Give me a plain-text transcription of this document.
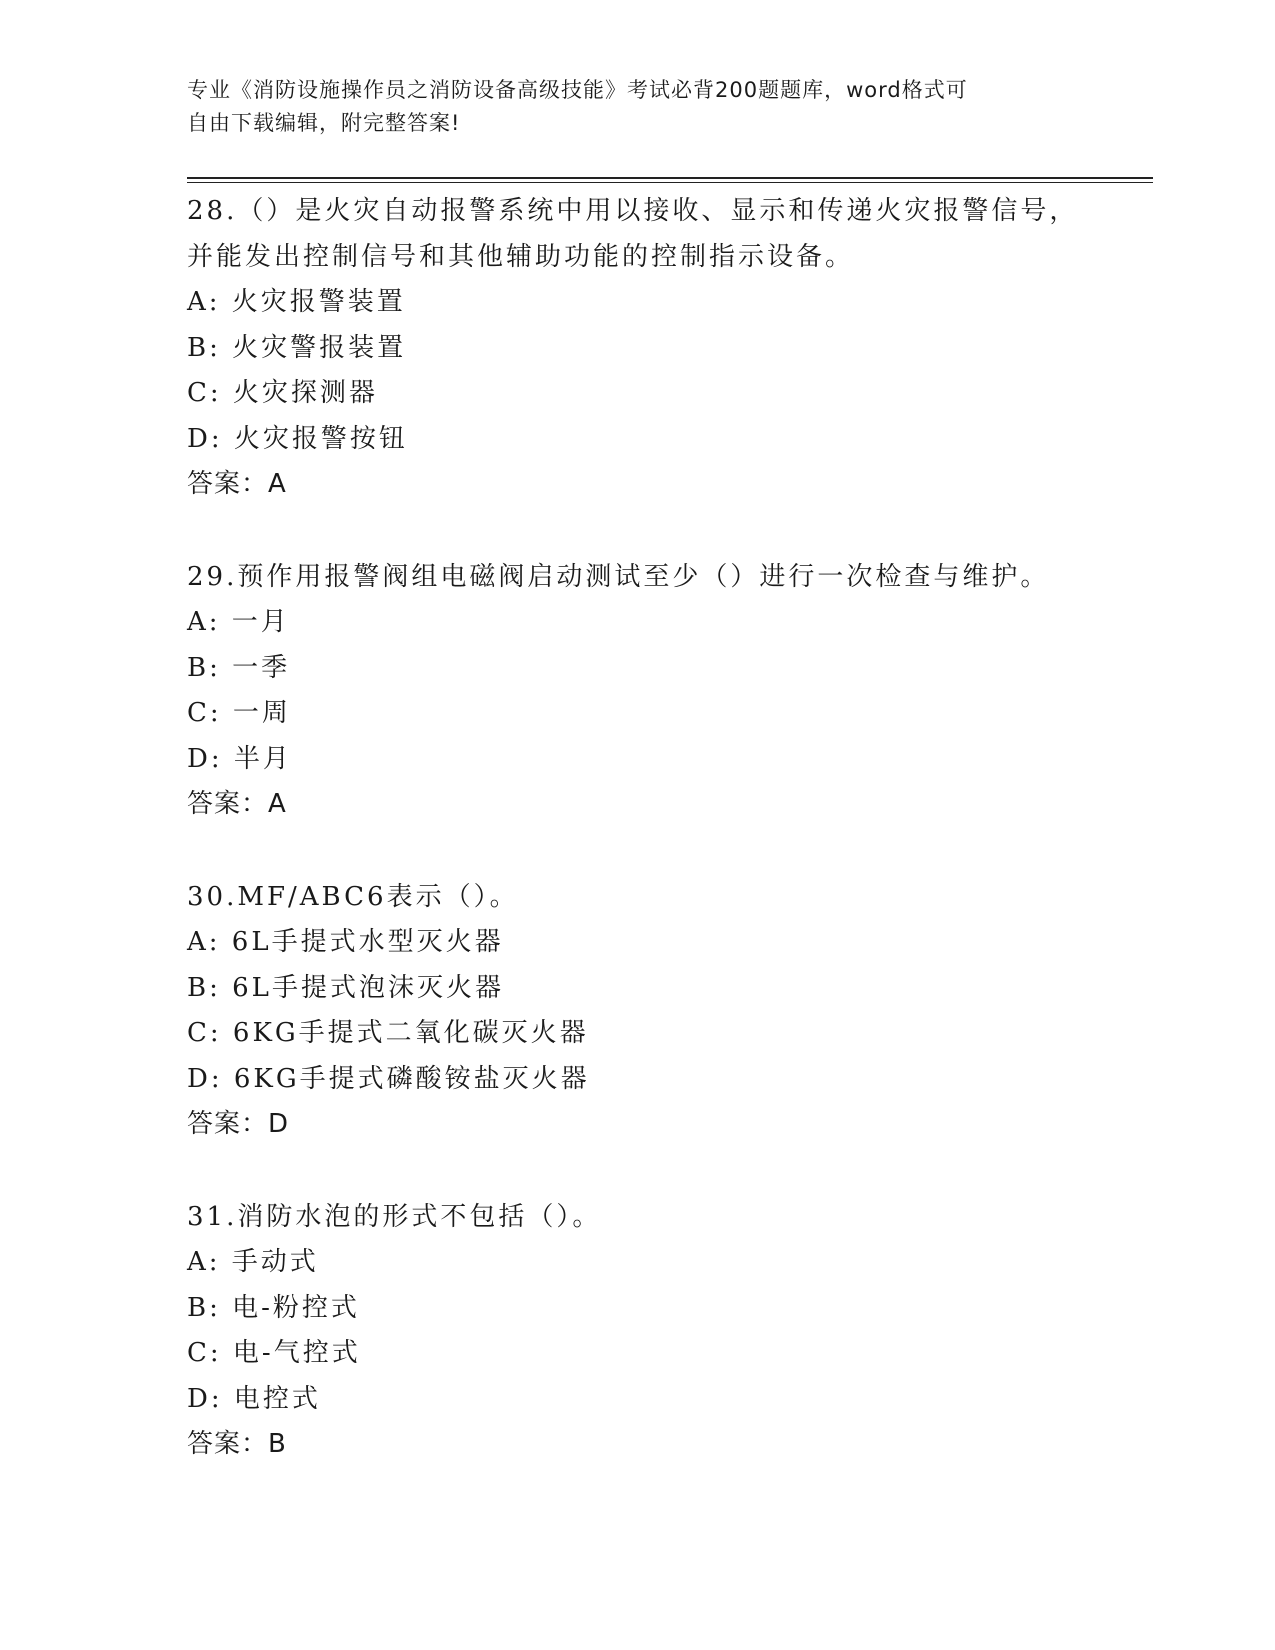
专业《消防设施操作员之消防设备高级技能》考试必背200题题库，word格式可
自由下载编辑，附完整答案!
28.（）是火灾自动报警系统中用以接收、显示和传递火灾报警信号，
并能发出控制信号和其他辅助功能的控制指示设备。
A: 火灾报警装置
B: 火灾警报装置
C: 火灾探测器
D: 火灾报警按钮
答案：A
29.预作用报警阀组电磁阀启动测试至少（）进行一次检查与维护。
A: 一月
B: 一季
C: 一周
D: 半月
答案：A
30.MF/ABC6表示（）。
A: 6L手提式水型灭火器
B: 6L手提式泡沫灭火器
C: 6KG手提式二氧化碳灭火器
D: 6KG手提式磷酸铵盐灭火器
答案：D
31.消防水泡的形式不包括（）。
A: 手动式
B: 电-粉控式
C: 电-气控式
D: 电控式
答案：B
